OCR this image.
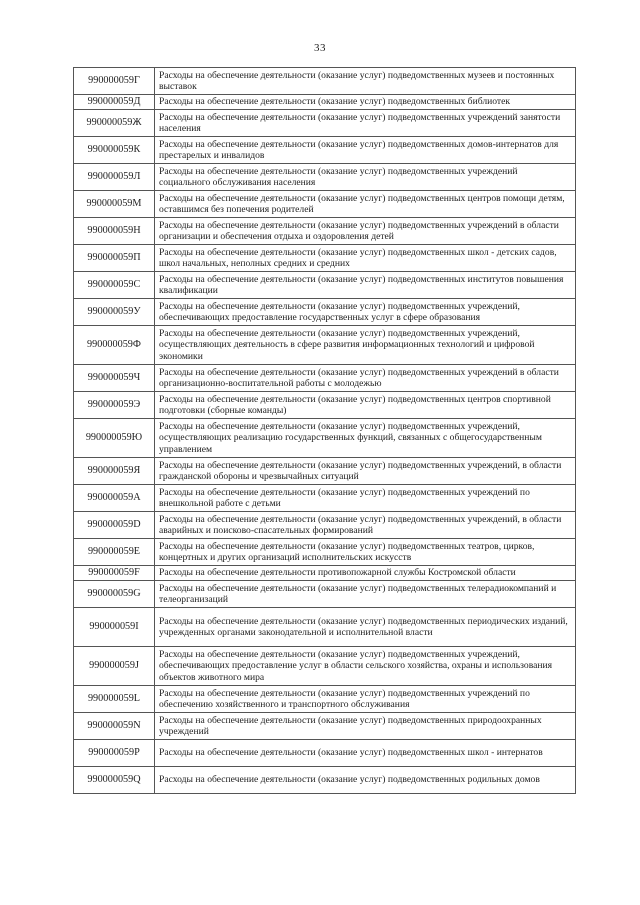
33
990000059Г	Расходы на обеспечение деятельности (оказание услуг) подведомственных музеев и постоянных выставок
990000059Д	Расходы на обеспечение деятельности (оказание услуг) подведомственных библиотек
990000059Ж	Расходы на обеспечение деятельности (оказание услуг) подведомственных учреждений занятости населения
990000059К	Расходы на обеспечение деятельности (оказание услуг) подведомственных домов-интернатов для престарелых и инвалидов
990000059Л	Расходы на обеспечение деятельности (оказание услуг) подведомственных учреждений социального обслуживания населения
990000059М	Расходы на обеспечение деятельности (оказание услуг) подведомственных центров помощи детям, оставшимся без попечения родителей
990000059Н	Расходы на обеспечение деятельности (оказание услуг) подведомственных учреждений в области организации и обеспечения отдыха и оздоровления детей
990000059П	Расходы на обеспечение деятельности (оказание услуг) подведомственных школ - детских садов, школ начальных, неполных средних и средних
990000059С	Расходы на обеспечение деятельности (оказание услуг) подведомственных институтов повышения квалификации
990000059У	Расходы на обеспечение деятельности (оказание услуг) подведомственных учреждений, обеспечивающих предоставление государственных услуг в сфере образования
990000059Ф	Расходы на обеспечение деятельности (оказание услуг) подведомственных учреждений, осуществляющих деятельность в сфере развития информационных технологий и цифровой экономики
990000059Ч	Расходы на обеспечение деятельности (оказание услуг) подведомственных учреждений в области организационно-воспитательной работы с молодежью
990000059Э	Расходы на обеспечение деятельности (оказание услуг) подведомственных центров спортивной подготовки (сборные команды)
990000059Ю	Расходы на обеспечение деятельности (оказание услуг) подведомственных учреждений, осуществляющих реализацию государственных функций, связанных с общегосударственным управлением
990000059Я	Расходы на обеспечение деятельности (оказание услуг) подведомственных учреждений, в области гражданской обороны и чрезвычайных ситуаций
990000059A	Расходы на обеспечение деятельности (оказание услуг) подведомственных учреждений по внешкольной работе с детьми
990000059D	Расходы на обеспечение деятельности (оказание услуг) подведомственных учреждений, в области аварийных и поисково-спасательных формирований
990000059E	Расходы на обеспечение деятельности (оказание услуг) подведомственных театров, цирков, концертных и других организаций исполнительских искусств
990000059F	Расходы на обеспечение деятельности противопожарной службы Костромской области
990000059G	Расходы на обеспечение деятельности (оказание услуг) подведомственных телерадиокомпаний и телеорганизаций
990000059I	Расходы на обеспечение деятельности (оказание услуг) подведомственных периодических изданий, учрежденных органами законодательной и исполнительной власти
990000059J	Расходы на обеспечение деятельности (оказание услуг) подведомственных учреждений, обеспечивающих предоставление услуг в области сельского хозяйства, охраны и использования объектов животного мира
990000059L	Расходы на обеспечение деятельности (оказание услуг) подведомственных учреждений по обеспечению хозяйственного и транспортного обслуживания
990000059N	Расходы на обеспечение деятельности (оказание услуг) подведомственных природоохранных учреждений
990000059P	Расходы на обеспечение деятельности (оказание услуг) подведомственных школ - интернатов
990000059Q	Расходы на обеспечение деятельности (оказание услуг) подведомственных родильных домов
